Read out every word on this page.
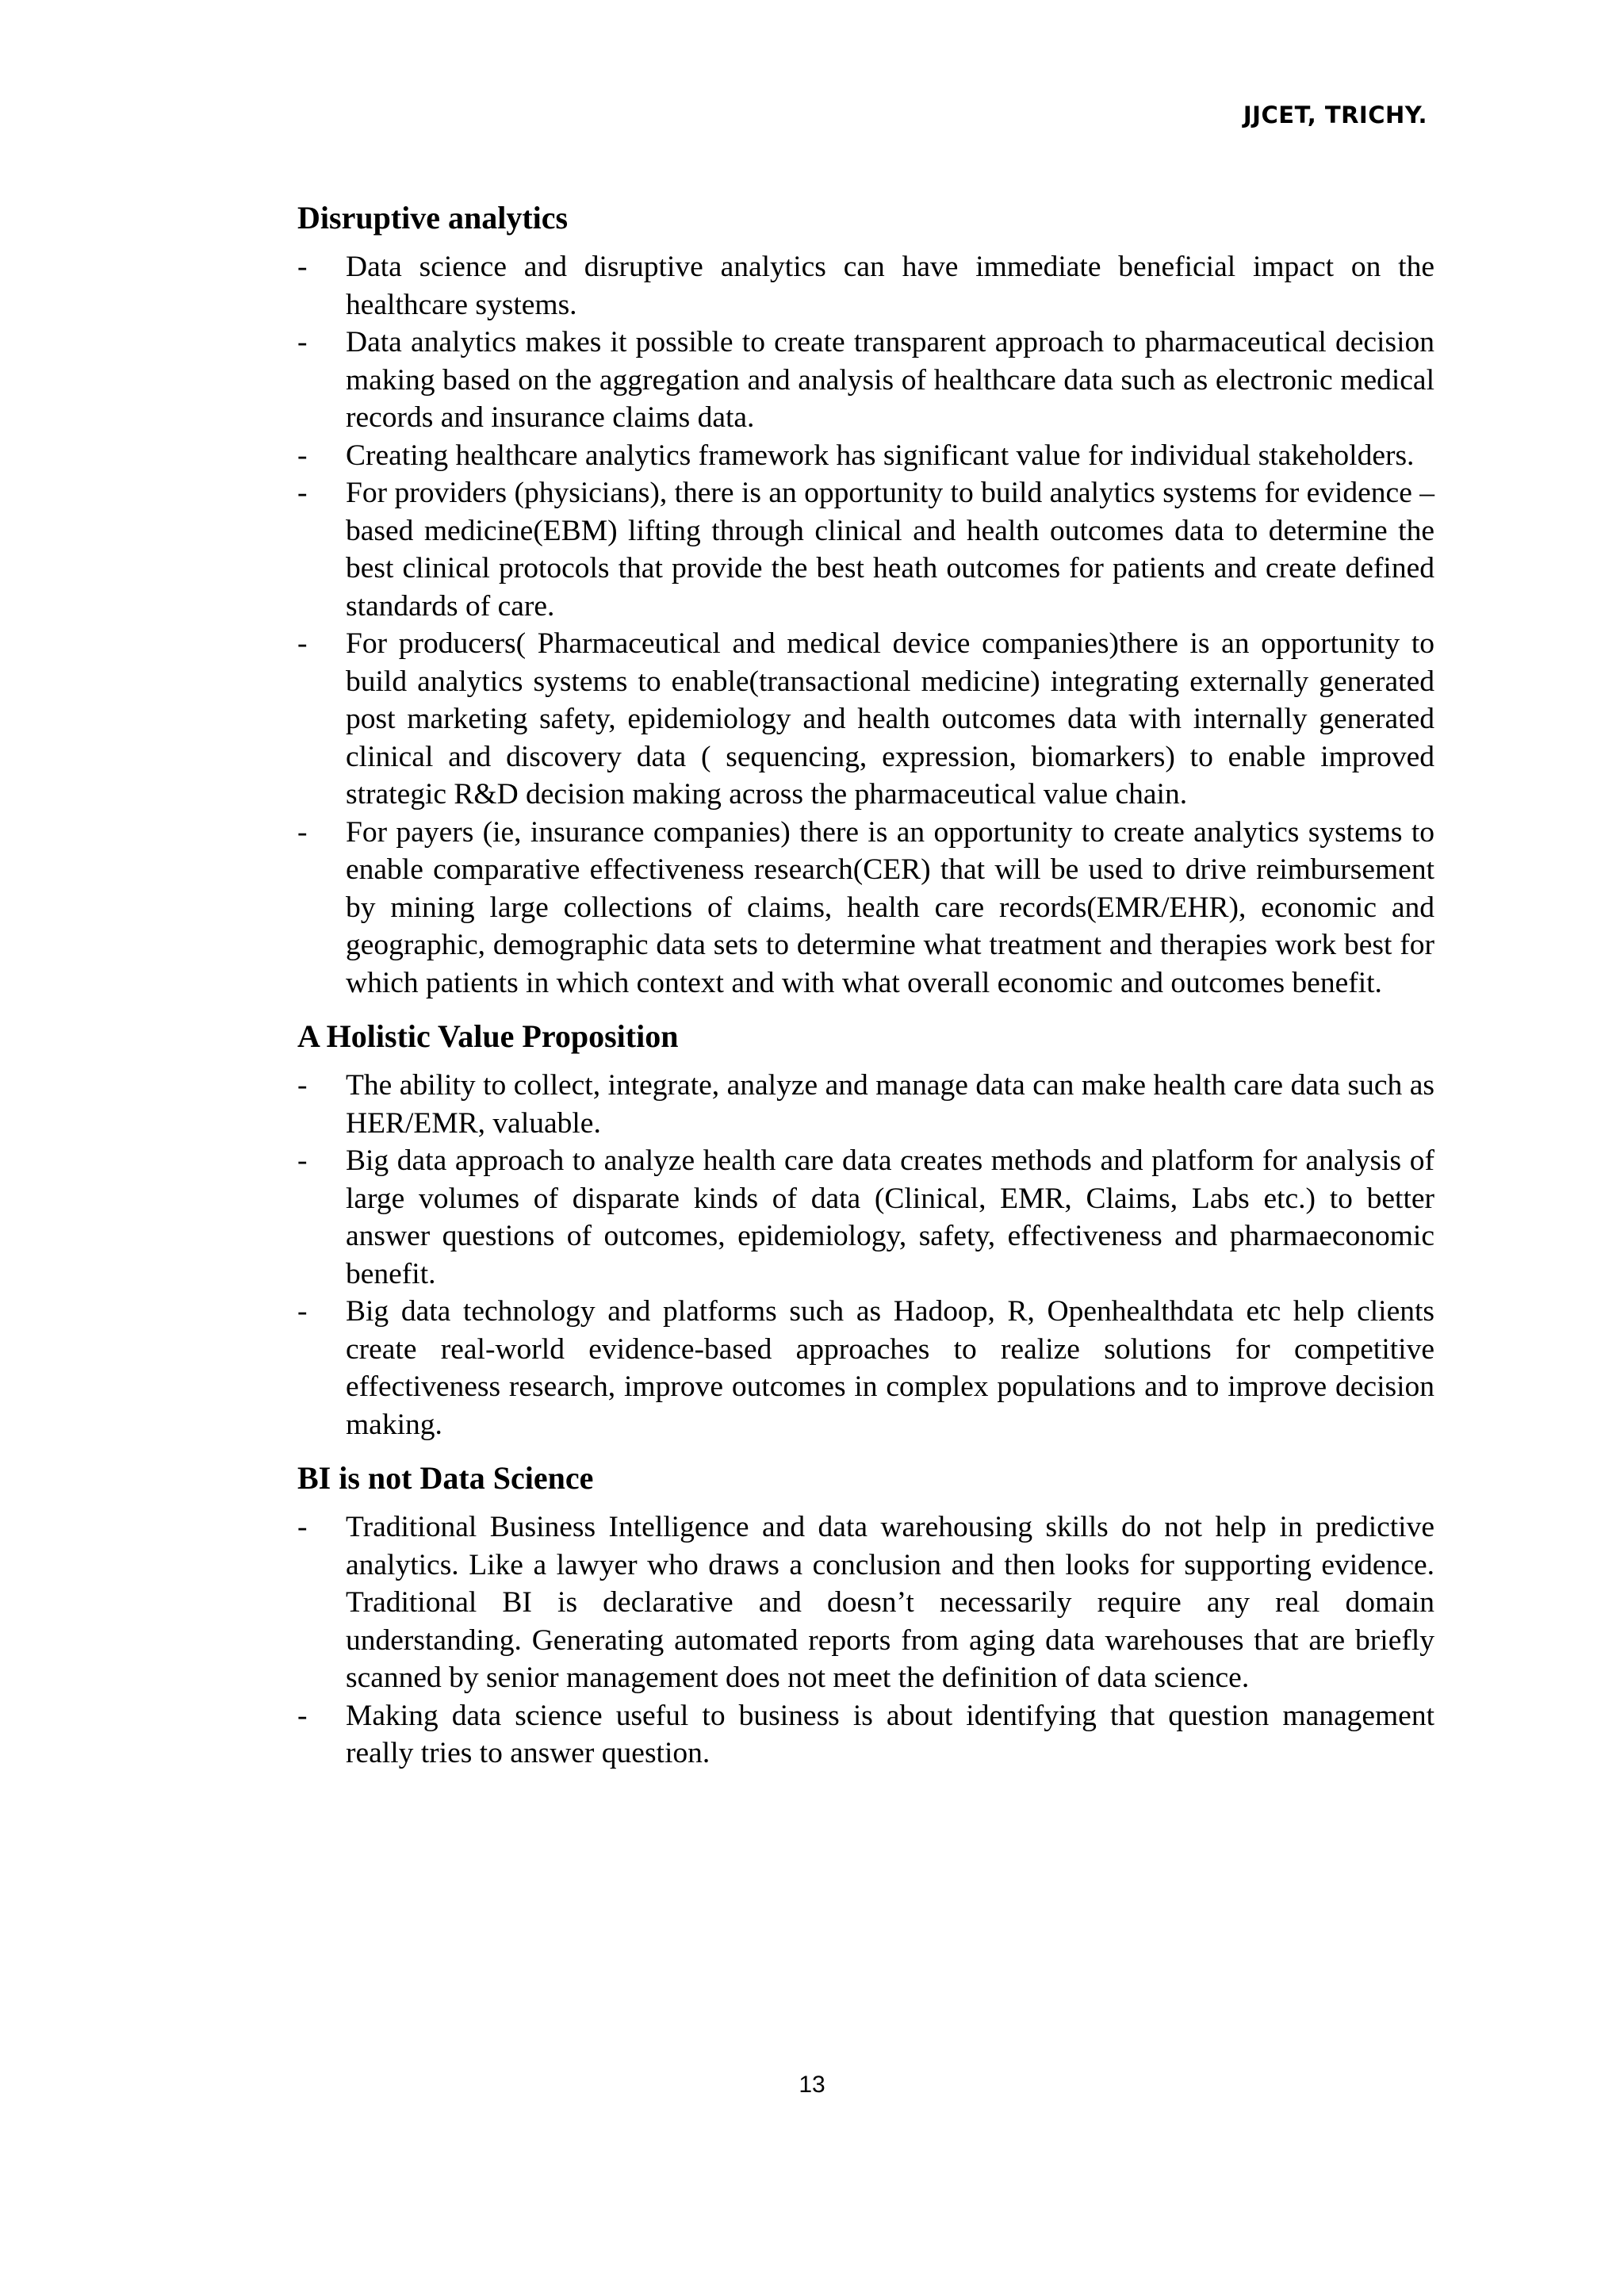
JJCET, TRICHY.
Disruptive analytics
-	Data science and disruptive analytics can have immediate beneficial impact on the healthcare systems.
-	Data analytics makes it possible to create transparent approach to pharmaceutical decision making based on the aggregation and analysis of healthcare data such as electronic medical records and insurance claims data.
-	Creating healthcare analytics framework has significant value for individual stakeholders.
-	For providers (physicians), there is an opportunity to build analytics systems for evidence – based medicine(EBM) lifting through clinical and health outcomes data to determine the best clinical protocols that provide the best heath outcomes for patients and create defined standards of care.
-	For producers( Pharmaceutical and medical device companies)there is an opportunity to build analytics systems to enable(transactional medicine) integrating externally generated post marketing safety, epidemiology and health outcomes data with internally generated clinical and discovery data ( sequencing, expression, biomarkers) to enable improved strategic R&D decision making across the pharmaceutical value chain.
-	For payers (ie, insurance companies) there is an opportunity to create analytics systems to enable comparative effectiveness research(CER) that will be used to drive reimbursement by mining large collections of claims, health care records(EMR/EHR), economic and geographic, demographic data sets to determine what treatment and therapies work best for which patients in which context and with what overall economic and outcomes benefit.
A Holistic Value Proposition
-	The ability to collect, integrate, analyze and manage data can make health care data such as HER/EMR, valuable.
-	Big data approach to analyze health care data creates methods and platform for analysis of large volumes of disparate kinds of data (Clinical, EMR, Claims, Labs etc.) to better answer questions of outcomes, epidemiology, safety, effectiveness and pharmaeconomic benefit.
-	Big data technology and platforms such as Hadoop, R, Openhealthdata etc help clients create real-world evidence-based approaches to realize solutions for competitive effectiveness research, improve outcomes in complex populations and to improve decision making.
BI is not Data Science
-	Traditional Business Intelligence and data warehousing skills do not help in predictive analytics. Like a lawyer who draws a conclusion and then looks for supporting evidence. Traditional BI is declarative and doesn’t necessarily require any real domain understanding. Generating automated reports from aging data warehouses that are briefly scanned by senior management does not meet the definition of data science.
-	Making data science useful to business is about identifying that question management really tries to answer question.
13
